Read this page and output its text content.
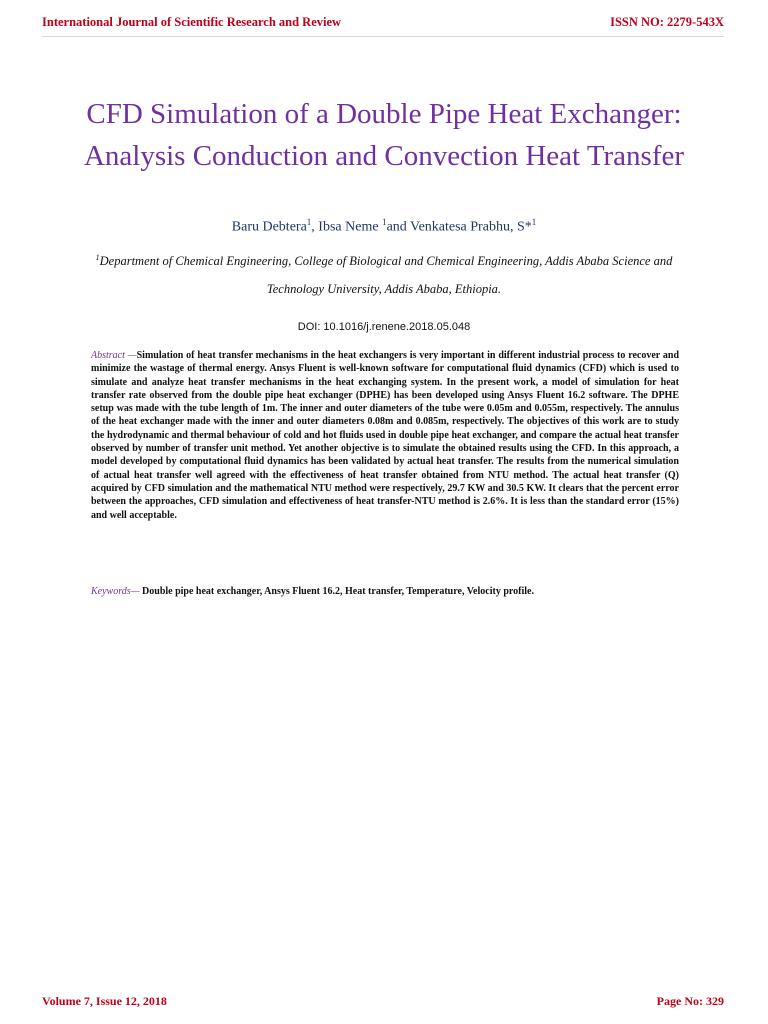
International Journal of Scientific Research and Review	ISSN NO: 2279-543X
CFD Simulation of a Double Pipe Heat Exchanger: Analysis Conduction and Convection Heat Transfer
Baru Debtera$^1$, Ibsa Neme $^1$and Venkatesa Prabhu, S*$^1$
$^1$Department of Chemical Engineering, College of Biological and Chemical Engineering, Addis Ababa Science and
Technology University, Addis Ababa, Ethiopia.
DOI: 10.1016/j.renene.2018.05.048

Abstract —Simulation of heat transfer mechanisms in the heat exchangers is very important in different industrial process to recover and minimize the wastage of thermal energy. Ansys Fluent is well-known software for computational fluid dynamics (CFD) which is used to simulate and analyze heat transfer mechanisms in the heat exchanging system. In the present work, a model of simulation for heat transfer rate observed from the double pipe heat exchanger (DPHE) has been developed using Ansys Fluent 16.2 software. The DPHE setup was made with the tube length of 1m. The inner and outer diameters of the tube were 0.05m and 0.055m, respectively. The annulus of the heat exchanger made with the inner and outer diameters 0.08m and 0.085m, respectively. The objectives of this work are to study the hydrodynamic and thermal behaviour of cold and hot fluids used in double pipe heat exchanger, and compare the actual heat transfer observed by number of transfer unit method. Yet another objective is to simulate the obtained results using the CFD. In this approach, a model developed by computational fluid dynamics has been validated by actual heat transfer. The results from the numerical simulation of actual heat transfer well agreed with the effectiveness of heat transfer obtained from NTU method. The actual heat transfer (Q) acquired by CFD simulation and the mathematical NTU method were respectively, 29.7 KW and 30.5 KW. It clears that the percent error between the approaches, CFD simulation and effectiveness of heat transfer-NTU method is 2.6%. It is less than the standard error (15%) and well acceptable.

Keywords— Double pipe heat exchanger, Ansys Fluent 16.2, Heat transfer, Temperature, Velocity profile.

Volume 7, Issue 12, 2018	Page No: 329
